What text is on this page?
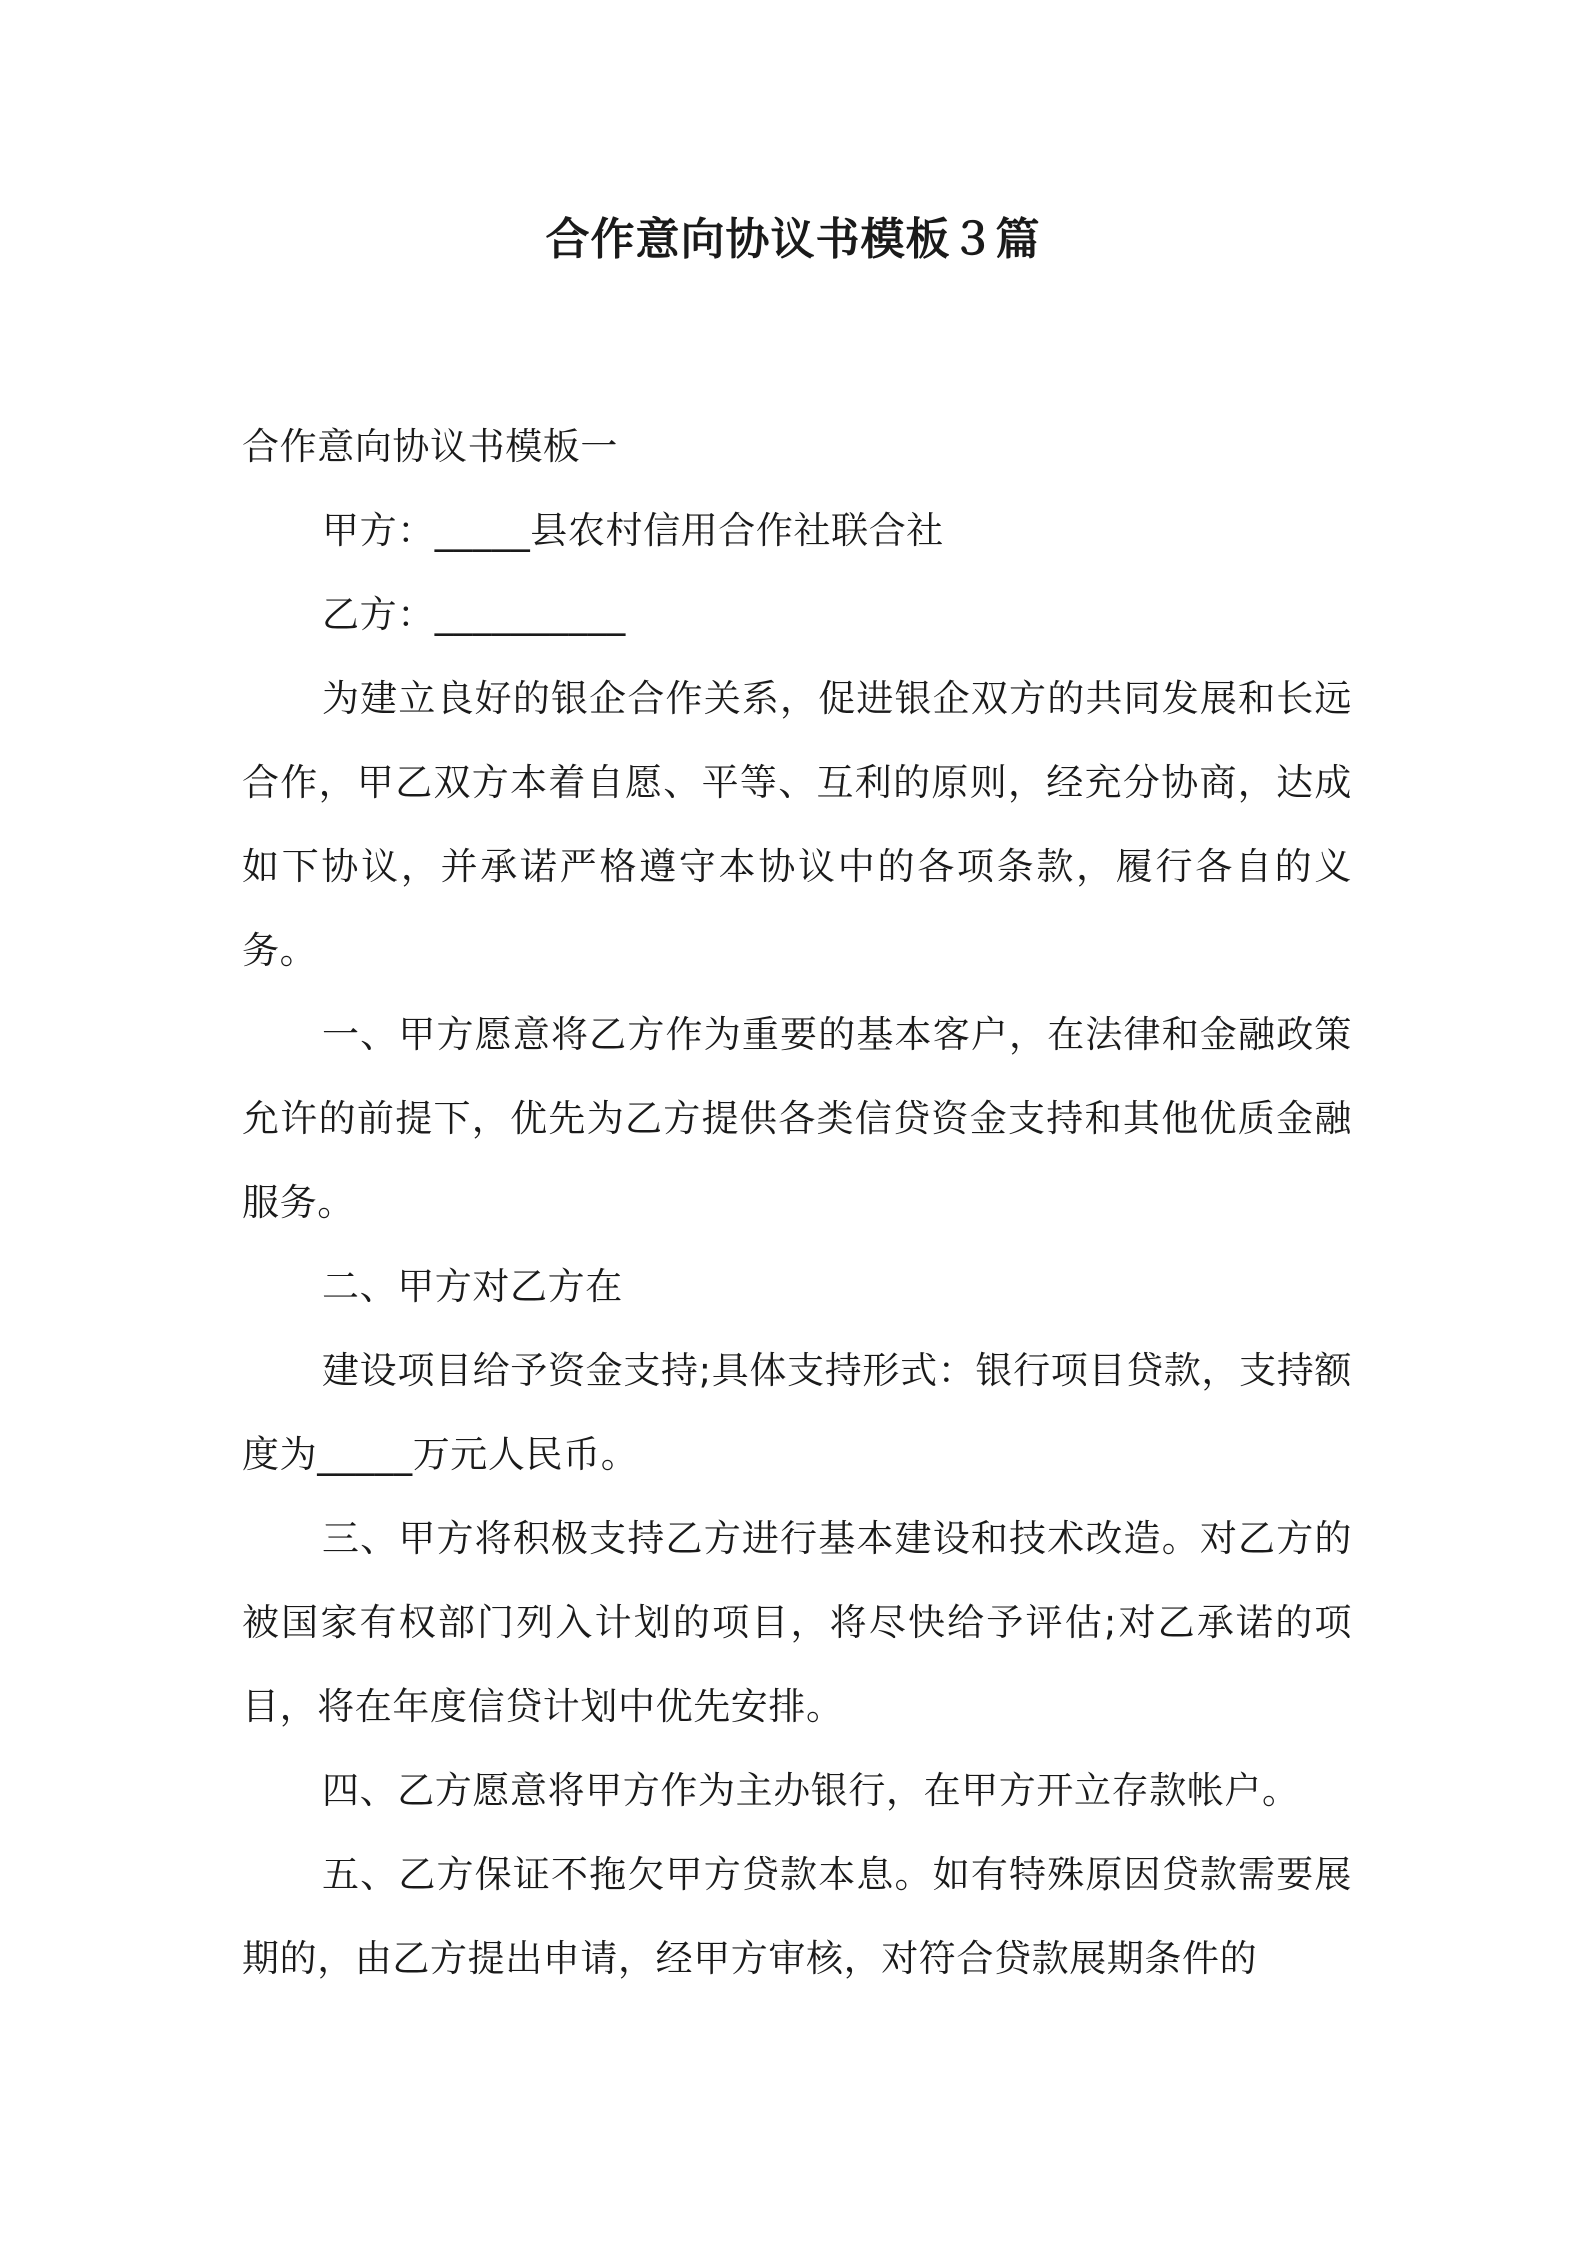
合作意向协议书模板３篇

合作意向协议书模板一

甲方：_____县农村信用合作社联合社

乙方：__________

为建立良好的银企合作关系，促进银企双方的共同发展和长远合作，甲乙双方本着自愿、平等、互利的原则，经充分协商，达成如下协议，并承诺严格遵守本协议中的各项条款，履行各自的义务。

一、甲方愿意将乙方作为重要的基本客户，在法律和金融政策允许的前提下，优先为乙方提供各类信贷资金支持和其他优质金融服务。

二、甲方对乙方在

建设项目给予资金支持;具体支持形式：银行项目贷款，支持额度为_____万元人民币。

三、甲方将积极支持乙方进行基本建设和技术改造。对乙方的被国家有权部门列入计划的项目，将尽快给予评估;对乙承诺的项目，将在年度信贷计划中优先安排。

四、乙方愿意将甲方作为主办银行，在甲方开立存款帐户。

五、乙方保证不拖欠甲方贷款本息。如有特殊原因贷款需要展期的，由乙方提出申请，经甲方审核，对符合贷款展期条件的
